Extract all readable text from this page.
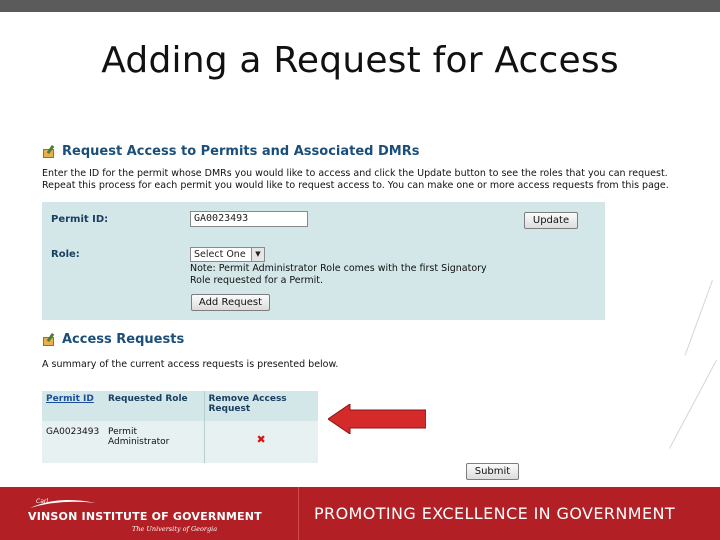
Adding a Request for Access
Request Access to Permits and Associated DMRs
Enter the ID for the permit whose DMRs you would like to access and click the Update button to see the roles that you can request. Repeat this process for each permit you would like to request access to. You can make one or more access requests from this page.
Permit ID:	GA0023493	Update
Role:	Select One	▼
Note: Permit Administrator Role comes with the first Signatory Role requested for a Permit.
Add Request
Access Requests
A summary of the current access requests is presented below.
Permit ID	Requested Role	Remove Access Request
GA0023493	Permit Administrator	✖
Submit
Carl
VINSON INSTITUTE OF GOVERNMENT
The University of Georgia
PROMOTING EXCELLENCE IN GOVERNMENT
